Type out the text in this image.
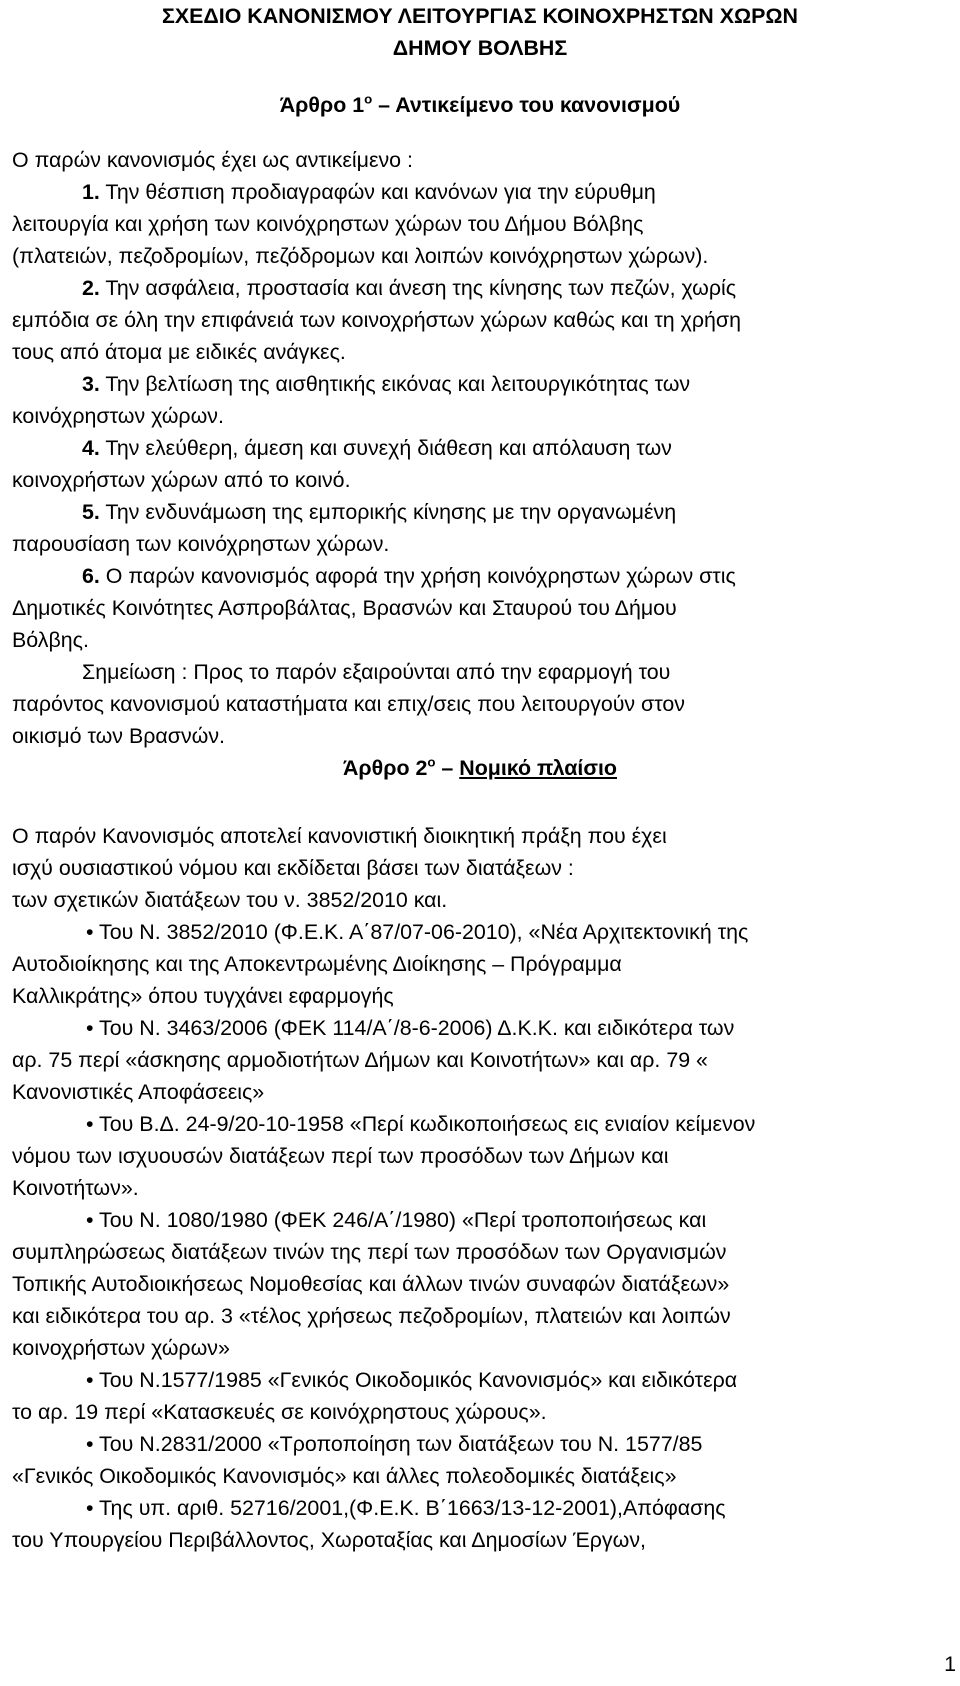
ΣΧΕΔΙΟ ΚΑΝΟΝΙΣΜΟΥ ΛΕΙΤΟΥΡΓΙΑΣ ΚΟΙΝΟΧΡΗΣΤΩΝ ΧΩΡΩΝ
ΔΗΜΟΥ ΒΟΛΒΗΣ
Άρθρο $1^o$ – Αντικείμενο του κανονισμού
Ο παρών κανονισμός έχει ως αντικείμενο :
1. Την θέσπιση προδιαγραφών και κανόνων για την εύρυθμη
λειτουργία και χρήση των κοινόχρηστων χώρων του Δήμου Βόλβης
(πλατειών, πεζοδρομίων, πεζόδρομων και λοιπών κοινόχρηστων χώρων).
2. Την ασφάλεια, προστασία και άνεση της κίνησης των πεζών, χωρίς
εμπόδια σε όλη την επιφάνειά των κοινοχρήστων χώρων καθώς και τη χρήση
τους από άτομα με ειδικές ανάγκες.
3. Την βελτίωση της αισθητικής εικόνας και λειτουργικότητας των
κοινόχρηστων χώρων.
4. Την ελεύθερη, άμεση και συνεχή διάθεση και απόλαυση των
κοινοχρήστων χώρων από το κοινό.
5. Την ενδυνάμωση της εμπορικής κίνησης με την οργανωμένη
παρουσίαση των κοινόχρηστων χώρων.
6. Ο παρών κανονισμός αφορά την χρήση κοινόχρηστων χώρων στις
Δημοτικές Κοινότητες Ασπροβάλτας, Βρασνών και Σταυρού του Δήμου
Βόλβης.
Σημείωση : Προς το παρόν εξαιρούνται από την εφαρμογή του
παρόντος κανονισμού καταστήματα και επιχ/σεις που λειτουργούν στον
οικισμό των Βρασνών.
Άρθρο $2^o$ – Νομικό πλαίσιο
Ο παρόν Κανονισμός αποτελεί κανονιστική διοικητική πράξη που έχει
ισχύ ουσιαστικού νόμου και εκδίδεται βάσει των διατάξεων :
των σχετικών διατάξεων του ν. 3852/2010 και.
• Του Ν. 3852/2010 (Φ.Ε.Κ. Α΄87/07-06-2010), «Νέα Αρχιτεκτονική της
Αυτοδιοίκησης και της Αποκεντρωμένης Διοίκησης – Πρόγραμμα
Καλλικράτης» όπου τυγχάνει εφαρμογής
• Του Ν. 3463/2006 (ΦΕΚ 114/Α΄/8-6-2006) Δ.Κ.Κ. και ειδικότερα των
αρ. 75 περί «άσκησης αρμοδιοτήτων Δήμων και Κοινοτήτων» και αρ. 79 «
Κανονιστικές Αποφάσεεις»
• Του Β.Δ. 24-9/20-10-1958 «Περί κωδικοποιήσεως εις ενιαίον κείμενον
νόμου των ισχυουσών διατάξεων περί των προσόδων των Δήμων και
Κοινοτήτων».
• Του Ν. 1080/1980 (ΦΕΚ 246/Α΄/1980) «Περί τροποποιήσεως και
συμπληρώσεως διατάξεων τινών της περί των προσόδων των Οργανισμών
Τοπικής Αυτοδιοικήσεως Νομοθεσίας και άλλων τινών συναφών διατάξεων»
και ειδικότερα του αρ. 3 «τέλος χρήσεως πεζοδρομίων, πλατειών και λοιπών
κοινοχρήστων χώρων»
• Του Ν.1577/1985 «Γενικός Οικοδομικός Κανονισμός» και ειδικότερα
το αρ. 19 περί «Κατασκευές σε κοινόχρηστους χώρους».
• Του Ν.2831/2000 «Τροποποίηση των διατάξεων του Ν. 1577/85
«Γενικός Οικοδομικός Κανονισμός» και άλλες πολεοδομικές διατάξεις»
• Της υπ. αριθ. 52716/2001,(Φ.Ε.Κ. Β΄1663/13-12-2001),Απόφασης
του Υπουργείου Περιβάλλοντος, Χωροταξίας και Δημοσίων Έργων,
1
